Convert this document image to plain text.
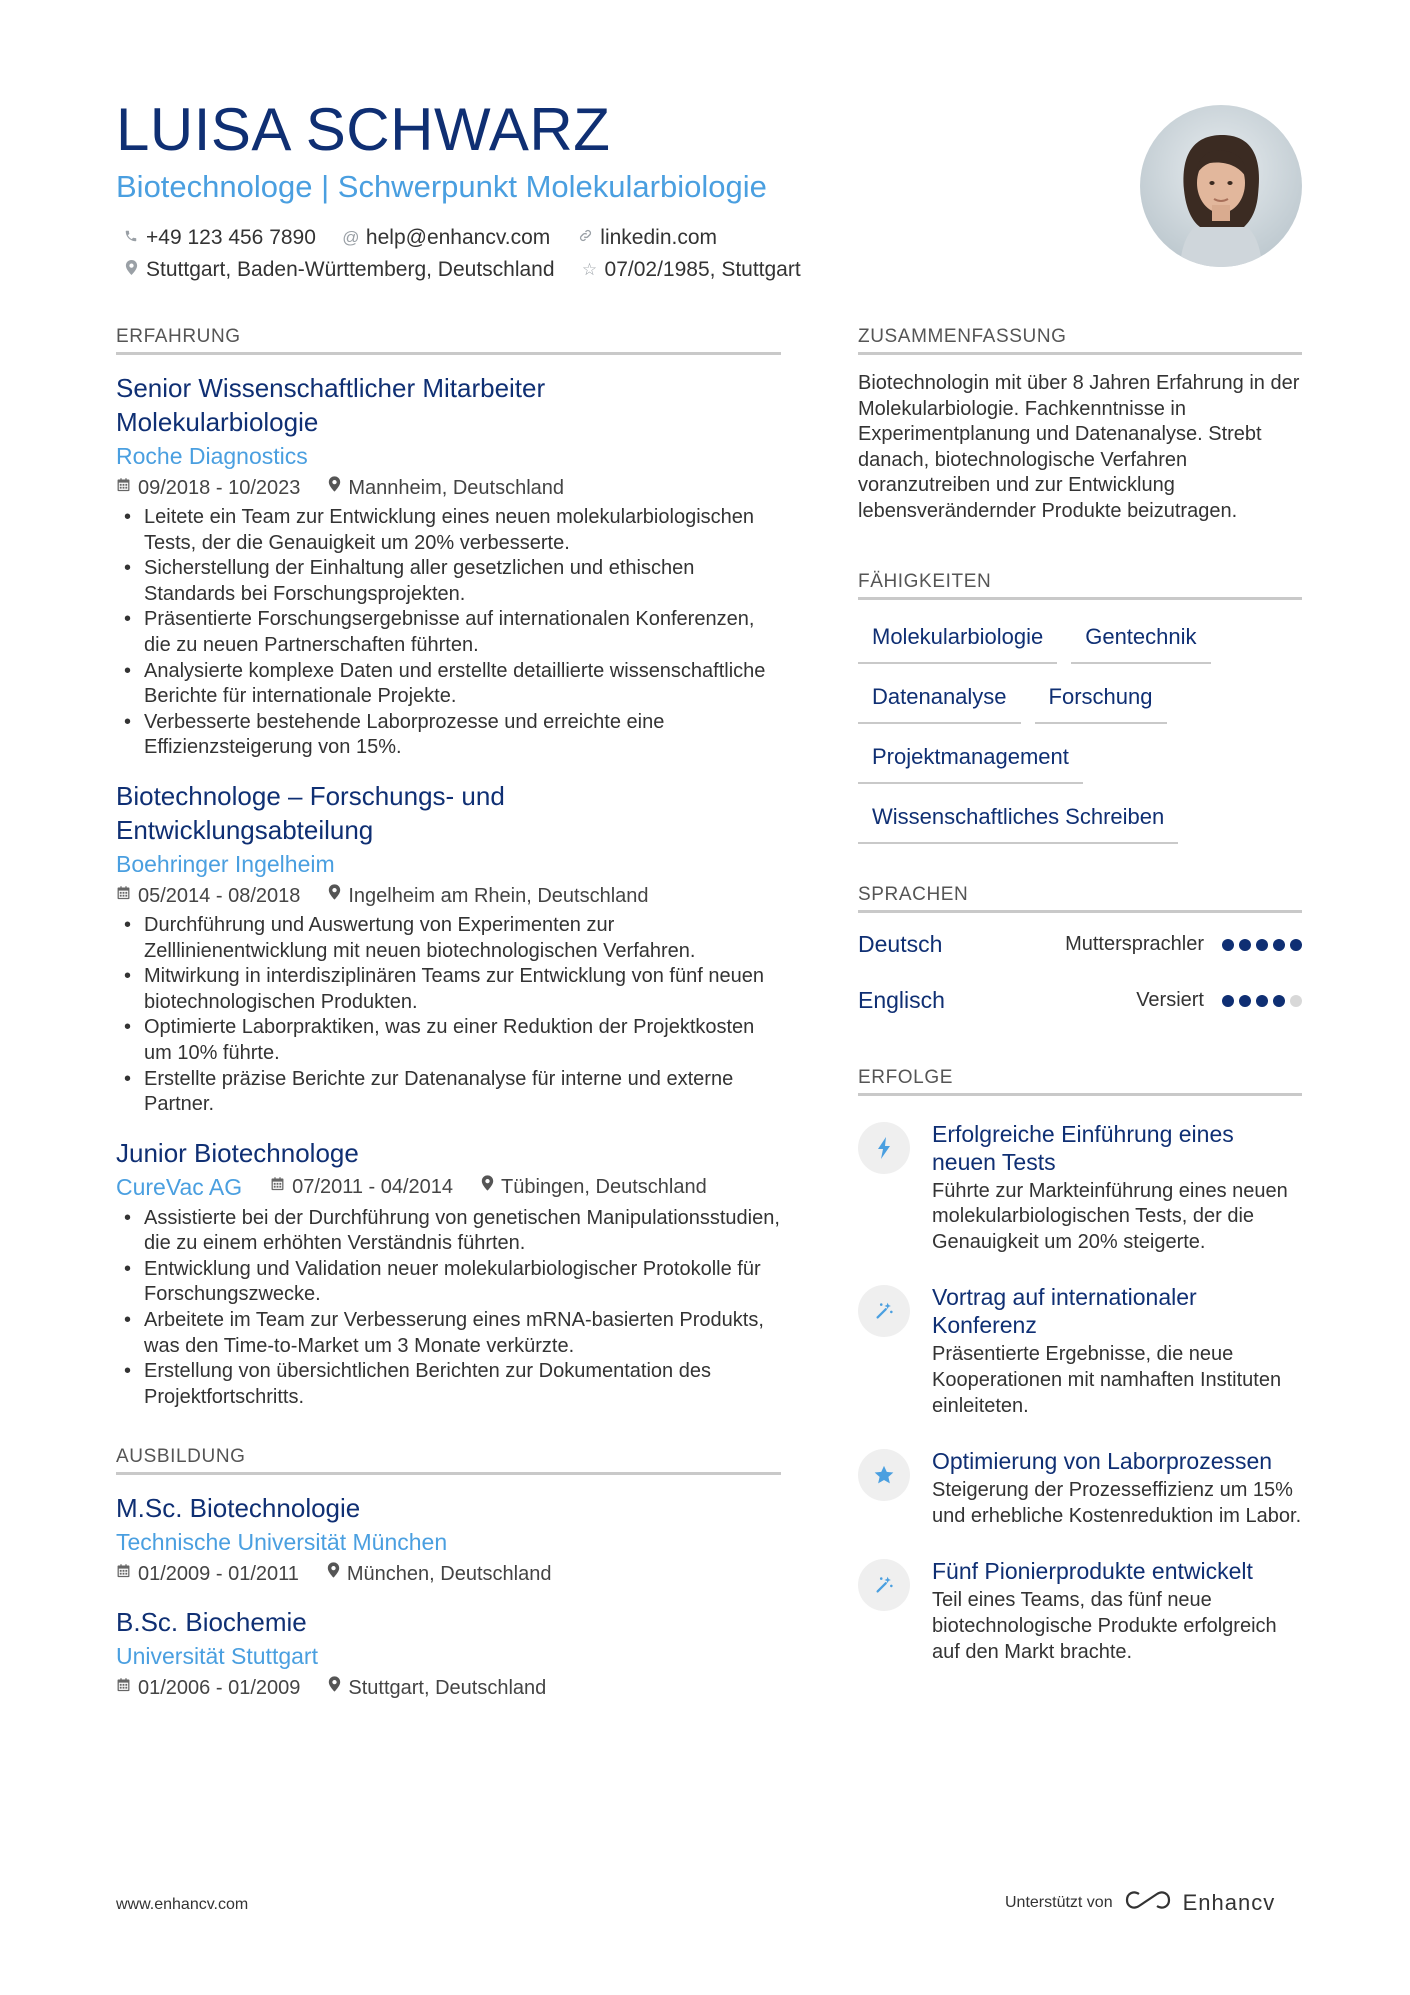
LUISA SCHWARZ
Biotechnologe | Schwerpunkt Molekularbiologie
+49 123 456 7890 @ help@enhancv.com linkedin.com
Stuttgart, Baden-Württemberg, Deutschland ☆ 07/02/1985, Stuttgart
ERFAHRUNG
Senior Wissenschaftlicher Mitarbeiter Molekularbiologie
Roche Diagnostics
09/2018 - 10/2023 Mannheim, Deutschland
• Leitete ein Team zur Entwicklung eines neuen molekularbiologischen Tests, der die Genauigkeit um 20% verbesserte.
• Sicherstellung der Einhaltung aller gesetzlichen und ethischen Standards bei Forschungsprojekten.
• Präsentierte Forschungsergebnisse auf internationalen Konferenzen, die zu neuen Partnerschaften führten.
• Analysierte komplexe Daten und erstellte detaillierte wissenschaftliche Berichte für internationale Projekte.
• Verbesserte bestehende Laborprozesse und erreichte eine Effizienzsteigerung von 15%.
Biotechnologe – Forschungs- und Entwicklungsabteilung
Boehringer Ingelheim
05/2014 - 08/2018 Ingelheim am Rhein, Deutschland
• Durchführung und Auswertung von Experimenten zur Zelllinienentwicklung mit neuen biotechnologischen Verfahren.
• Mitwirkung in interdisziplinären Teams zur Entwicklung von fünf neuen biotechnologischen Produkten.
• Optimierte Laborpraktiken, was zu einer Reduktion der Projektkosten um 10% führte.
• Erstellte präzise Berichte zur Datenanalyse für interne und externe Partner.
Junior Biotechnologe
CureVac AG	07/2011 - 04/2014 Tübingen, Deutschland
• Assistierte bei der Durchführung von genetischen Manipulationsstudien, die zu einem erhöhten Verständnis führten.
• Entwicklung und Validation neuer molekularbiologischer Protokolle für Forschungszwecke.
• Arbeitete im Team zur Verbesserung eines mRNA-basierten Produkts, was den Time-to-Market um 3 Monate verkürzte.
• Erstellung von übersichtlichen Berichten zur Dokumentation des Projektfortschritts.
AUSBILDUNG
M.Sc. Biotechnologie
Technische Universität München
01/2009 - 01/2011 München, Deutschland
B.Sc. Biochemie
Universität Stuttgart
01/2006 - 01/2009 Stuttgart, Deutschland
ZUSAMMENFASSUNG
Biotechnologin mit über 8 Jahren Erfahrung in der Molekularbiologie. Fachkenntnisse in Experimentplanung und Datenanalyse. Strebt danach, biotechnologische Verfahren voranzutreiben und zur Entwicklung lebensverändernder Produkte beizutragen.
FÄHIGKEITEN
Molekularbiologie	Gentechnik
Datenanalyse	Forschung
Projektmanagement
Wissenschaftliches Schreiben
SPRACHEN
Deutsch	Muttersprachler
Englisch	Versiert
ERFOLGE
Erfolgreiche Einführung eines neuen Tests
Führte zur Markteinführung eines neuen molekularbiologischen Tests, der die Genauigkeit um 20% steigerte.
Vortrag auf internationaler Konferenz
Präsentierte Ergebnisse, die neue Kooperationen mit namhaften Instituten einleiteten.
Optimierung von Laborprozessen
Steigerung der Prozesseffizienz um 15% und erhebliche Kostenreduktion im Labor.
Fünf Pionierprodukte entwickelt
Teil eines Teams, das fünf neue biotechnologische Produkte erfolgreich auf den Markt brachte.
www.enhancv.com	Unterstützt von	Enhancv
